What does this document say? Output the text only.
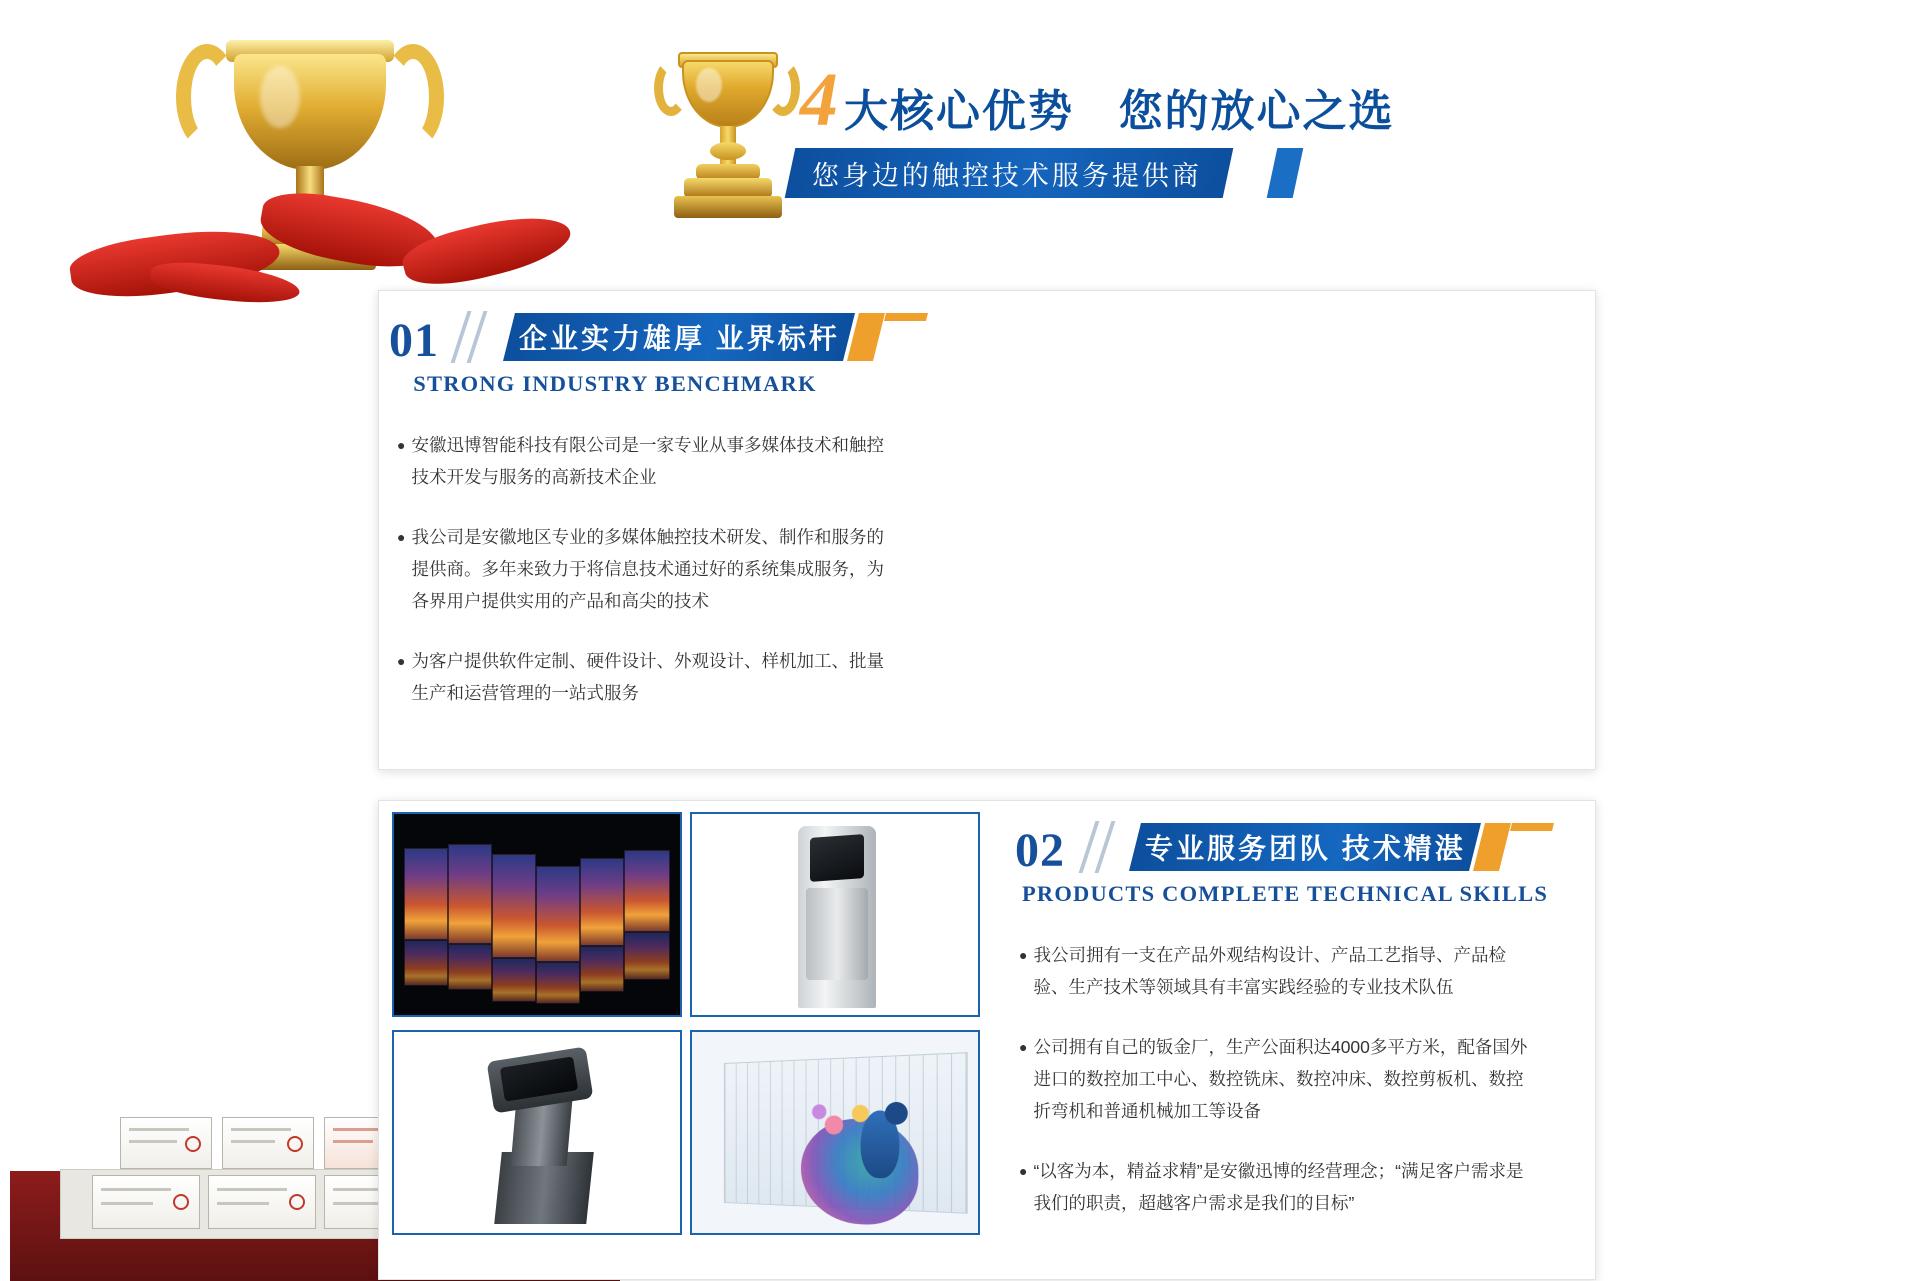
4 大核心优势 您的放心之选
您身边的触控技术服务提供商
01	企业实力雄厚 业界标杆
STRONG INDUSTRY BENCHMARK
● 安徽迅博智能科技有限公司是一家专业从事多媒体技术和触控技术开发与服务的高新技术企业
● 我公司是安徽地区专业的多媒体触控技术研发、制作和服务的提供商。多年来致力于将信息技术通过好的系统集成服务，为各界用户提供实用的产品和高尖的技术
● 为客户提供软件定制、硬件设计、外观设计、样机加工、批量生产和运营管理的一站式服务
02	专业服务团队 技术精湛
PRODUCTS COMPLETE TECHNICAL SKILLS
● 我公司拥有一支在产品外观结构设计、产品工艺指导、产品检验、生产技术等领域具有丰富实践经验的专业技术队伍
● 公司拥有自己的钣金厂，生产公面积达4000多平方米，配备国外进口的数控加工中心、数控铣床、数控冲床、数控剪板机、数控折弯机和普通机械加工等设备
● “以客为本，精益求精”是安徽迅博的经营理念；“满足客户需求是我们的职责，超越客户需求是我们的目标”
